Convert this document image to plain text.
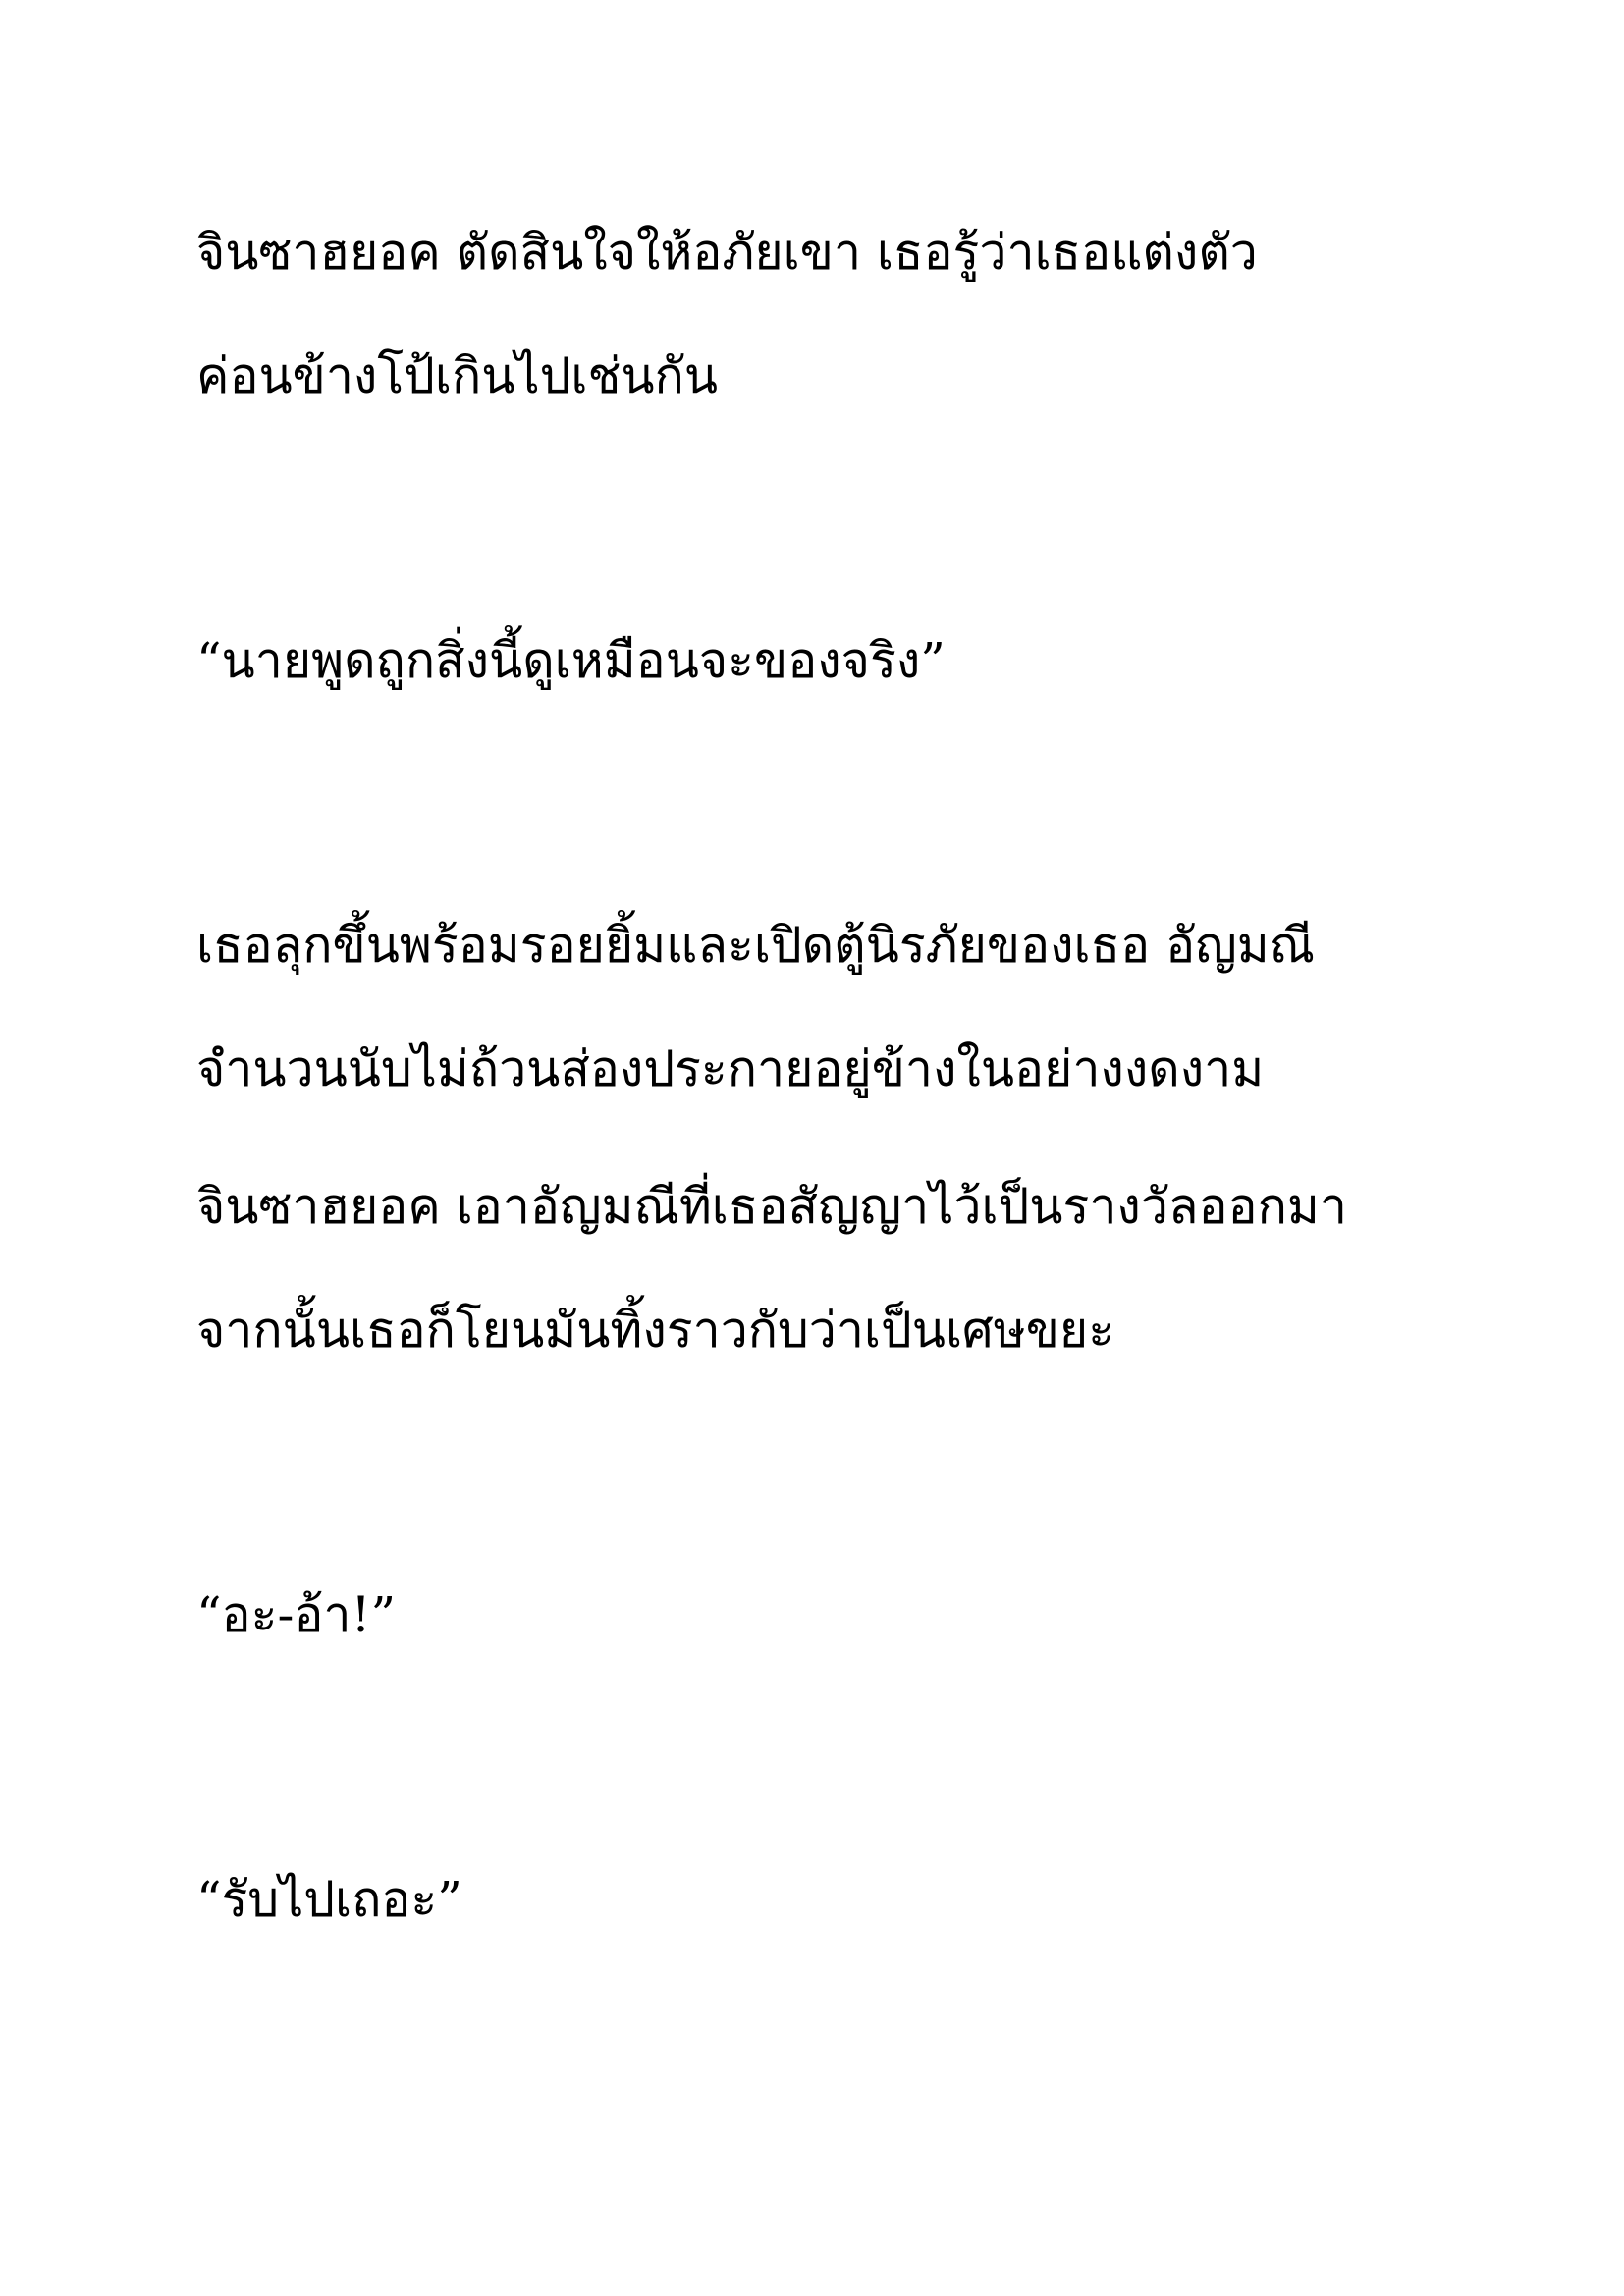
จินซาฮยอค ตัดสินใจให้อภัยเขา เธอรู้ว่าเธอแต่งตัว

ค่อนข้างโป้เกินไปเช่นกัน

“นายพูดถูกสิ่งนี้ดูเหมือนจะของจริง”

เธอลุกขึ้นพร้อมรอยยิ้มและเปิดตู้นิรภัยของเธอ อัญมณี

จำนวนนับไม่ถ้วนส่องประกายอยู่ข้างในอย่างงดงาม

จินซาฮยอค เอาอัญมณีที่เธอสัญญาไว้เป็นรางวัลออกมา

จากนั้นเธอก็โยนมันทิ้งราวกับว่าเป็นเศษขยะ

“อะ-อ้า!”

“รับไปเถอะ”
